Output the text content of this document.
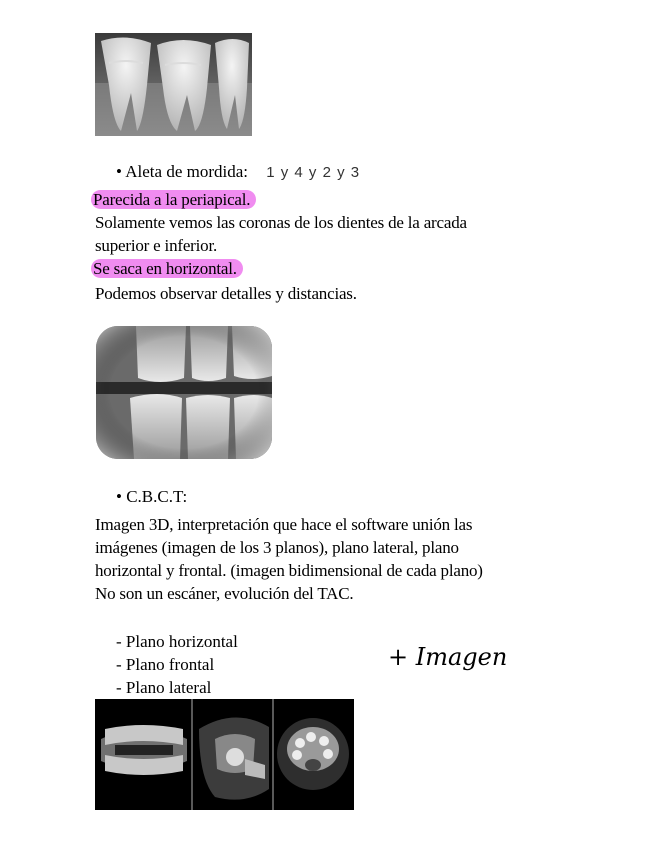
• Aleta de mordida: 1 y 4 y 2 y 3
Parecida a la periapical.
Solamente vemos las coronas de los dientes de la arcada
superior e inferior.
Se saca en horizontal.
Podemos observar detalles y distancias.
• C.B.C.T:
Imagen 3D, interpretación que hace el software unión las
imágenes (imagen de los 3 planos), plano lateral, plano
horizontal y frontal. (imagen bidimensional de cada plano)
No son un escáner, evolución del TAC.
- Plano horizontal
- Plano frontal
- Plano lateral
+ Imagen
